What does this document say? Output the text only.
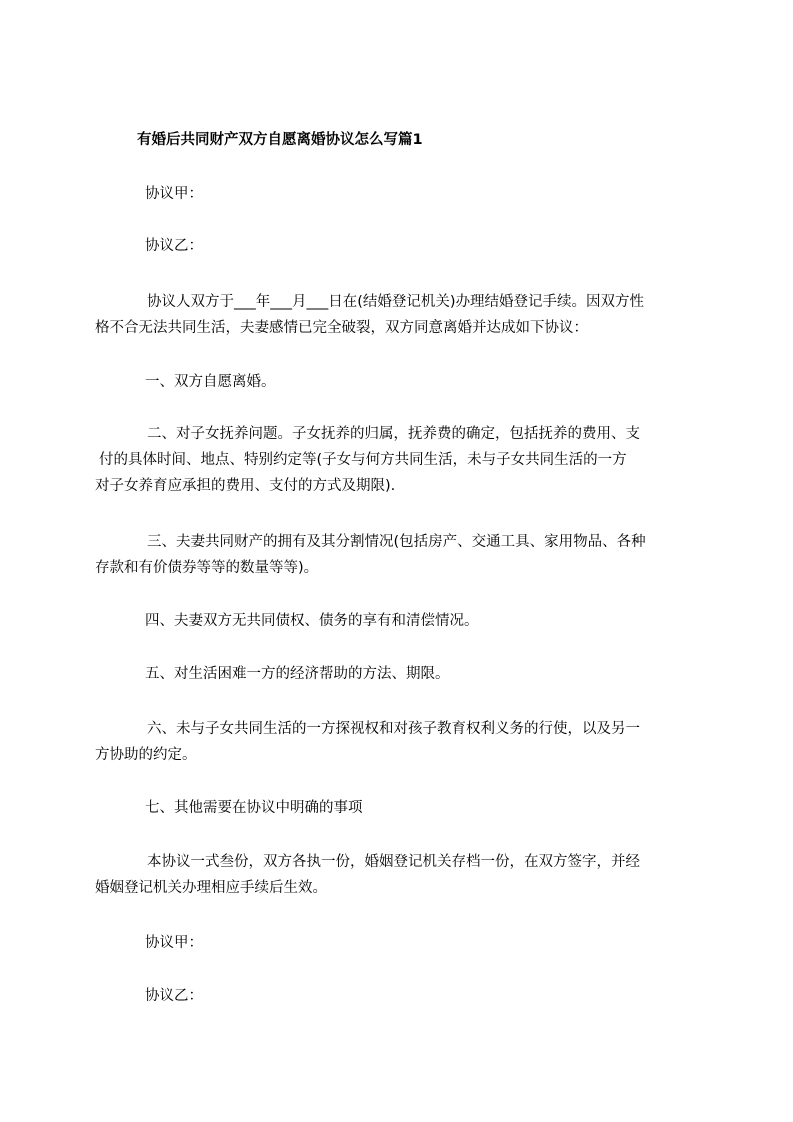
有婚后共同财产双方自愿离婚协议怎么写篇1
协议甲：
协议乙：
协议人双方于___年___月___日在(结婚登记机关)办理结婚登记手续。因双方性
格不合无法共同生活，夫妻感情已完全破裂，双方同意离婚并达成如下协议：
一、双方自愿离婚。
二、对子女抚养问题。子女抚养的归属，抚养费的确定，包括抚养的费用、支
付的具体时间、地点、特别约定等(子女与何方共同生活，未与子女共同生活的一方
对子女养育应承担的费用、支付的方式及期限).
三、夫妻共同财产的拥有及其分割情况(包括房产、交通工具、家用物品、各种
存款和有价债券等等的数量等等)。
四、夫妻双方无共同债权、债务的享有和清偿情况。
五、对生活困难一方的经济帮助的方法、期限。
六、未与子女共同生活的一方探视权和对孩子教育权利义务的行使，以及另一
方协助的约定。
七、其他需要在协议中明确的事项
本协议一式叁份，双方各执一份，婚姻登记机关存档一份，在双方签字，并经
婚姻登记机关办理相应手续后生效。
协议甲：
协议乙：
